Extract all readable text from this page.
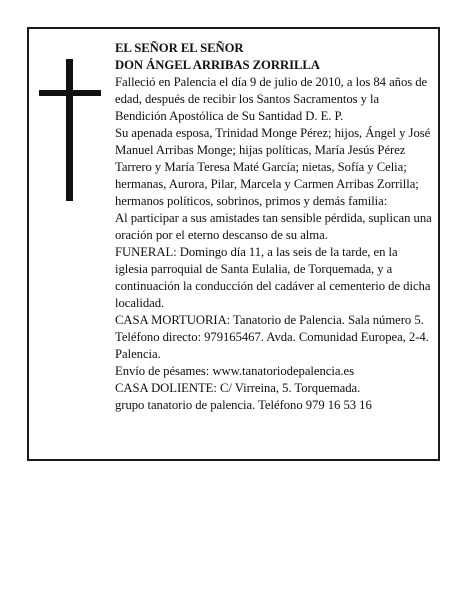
EL SEÑOR EL SEÑOR

DON ÁNGEL ARRIBAS ZORRILLA

Falleció en Palencia el día 9 de julio de 2010, a los 84 años de edad, después de recibir los Santos Sacramentos y la Bendición Apostólica de Su Santidad D. E. P.

Su apenada esposa, Trinidad Monge Pérez; hijos, Ángel y José Manuel Arribas Monge; hijas políticas, María Jesús Pérez Tarrero y María Teresa Maté García; nietas, Sofía y Celia; hermanas, Aurora, Pilar, Marcela y Carmen Arribas Zorrilla; hermanos políticos, sobrinos, primos y demás familia:

Al participar a sus amistades tan sensible pérdida, suplican una oración por el eterno descanso de su alma.

FUNERAL: Domingo día 11, a las seis de la tarde, en la iglesia parroquial de Santa Eulalia, de Torquemada, y a continuación la conducción del cadáver al cementerio de dicha localidad.

CASA MORTUORIA: Tanatorio de Palencia. Sala número 5. Teléfono directo: 979165467. Avda. Comunidad Europea, 2-4. Palencia.

Envío de pésames: www.tanatoriodepalencia.es

CASA DOLIENTE: C/ Virreina, 5. Torquemada.

grupo tanatorio de palencia. Teléfono 979 16 53 16
